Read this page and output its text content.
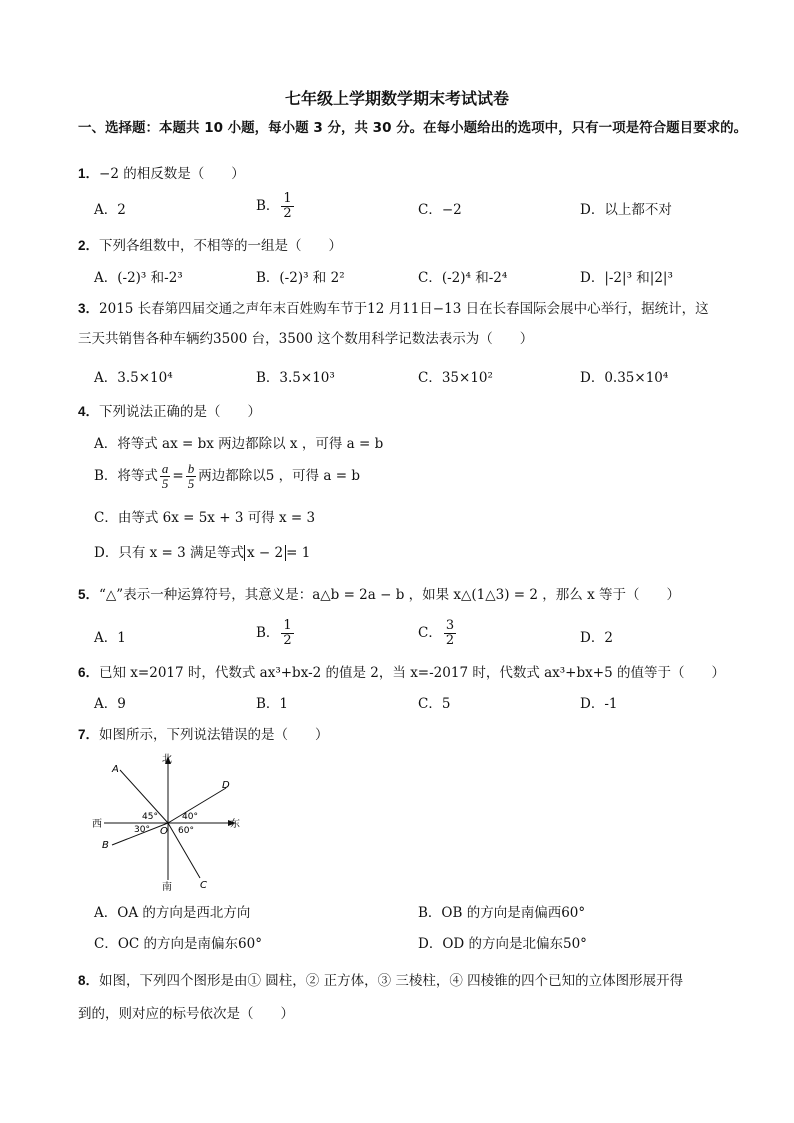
七年级上学期数学期末考试试卷
一、选择题：本题共 10 小题，每小题 3 分，共 30 分。在每小题给出的选项中，只有一项是符合题目要求的。
1．−2 的相反数是（　　）
A．2	B． $\frac{1}{2}$	C．−2	D．以上都不对
2．下列各组数中，不相等的一组是（　　）
A．(-2)³ 和-2³	B．(-2)³ 和 2²	C．(-2)⁴ 和-2⁴	D．|-2|³ 和|2|³
3．2015 长春第四届交通之声年末百姓购车节于12 月11日−13 日在长春国际会展中心举行，据统计，这
三天共销售各种车辆约3500 台，3500 这个数用科学记数法表示为（　　）
A．3.5×10⁴	B．3.5×10³	C．35×10²	D．0.35×10⁴
4．下列说法正确的是（　　）
A．将等式 ax = bx 两边都除以 x ，可得 a = b
B．将等式 $\frac{a}{5} = \frac{b}{5}$ 两边都除以5 ，可得 a = b
C．由等式 6x = 5x + 3 可得 x = 3
D．只有 x = 3 满足等式 x − 2 = 1
5．“△”表示一种运算符号，其意义是：a△b = 2a − b ，如果 x△(1△3) = 2 ，那么 x 等于（　　）
A．1	B． $\frac{1}{2}$	C． $\frac{3}{2}$	D．2
6．已知 x=2017 时，代数式 ax³+bx-2 的值是 2，当 x=-2017 时，代数式 ax³+bx+5 的值等于（　　）
A．9	B．1	C．5	D．-1
7．如图所示，下列说法错误的是（　　）
北
南
西	东
A
D
B
C
O
45°	40°
30°	60°
A．OA 的方向是西北方向	B．OB 的方向是南偏西60°
C．OC 的方向是南偏东60°	D．OD 的方向是北偏东50°
8．如图，下列四个图形是由① 圆柱，② 正方体，③ 三棱柱，④ 四棱锥的四个已知的立体图形展开得
到的，则对应的标号依次是（　　）
